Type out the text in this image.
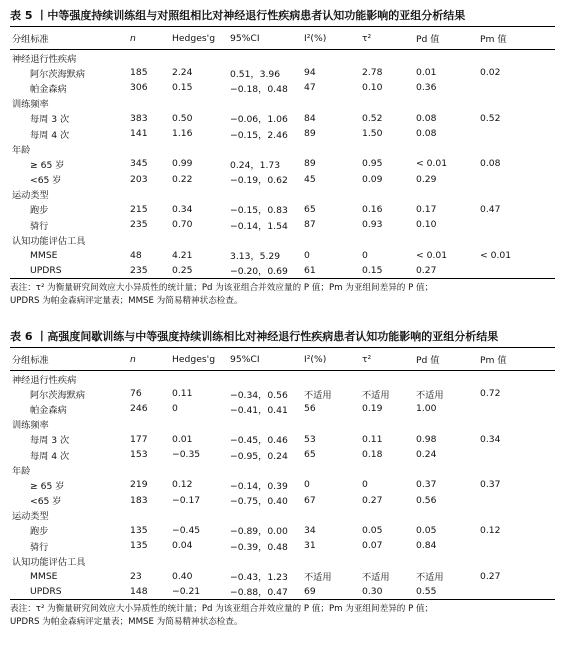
表 5 丨中等强度持续训练组与对照组相比对神经退行性疾病患者认知功能影响的亚组分析结果
分组标准	n	Hedges'g	95%CI	I²(%)	τ²	Pd 值	Pm 值
神经退行性疾病							
阿尔茨海默病	185	2.24	0.51，3.96	94	2.78	0.01	0.02
帕金森病	306	0.15	−0.18，0.48	47	0.10	0.36	
训练频率							
每周 3 次	383	0.50	−0.06，1.06	84	0.52	0.08	0.52
每周 4 次	141	1.16	−0.15，2.46	89	1.50	0.08	
年龄							
≥ 65 岁	345	0.99	0.24，1.73	89	0.95	< 0.01	0.08
<65 岁	203	0.22	−0.19，0.62	45	0.09	0.29	
运动类型							
跑步	215	0.34	−0.15，0.83	65	0.16	0.17	0.47
骑行	235	0.70	−0.14，1.54	87	0.93	0.10	
认知功能评估工具							
MMSE	48	4.21	3.13，5.29	0	0	< 0.01	< 0.01
UPDRS	235	0.25	−0.20，0.69	61	0.15	0.27	
表注：τ² 为衡量研究间效应大小异质性的统计量；Pd 为该亚组合并效应量的 P 值；Pm 为亚组间差异的 P 值；
UPDRS 为帕金森病评定量表；MMSE 为简易精神状态检查。
表 6 丨高强度间歇训练与中等强度持续训练相比对神经退行性疾病患者认知功能影响的亚组分析结果
分组标准	n	Hedges'g	95%CI	I²(%)	τ²	Pd 值	Pm 值
神经退行性疾病							
阿尔茨海默病	76	0.11	−0.34，0.56	不适用	不适用	不适用	0.72
帕金森病	246	0	−0.41，0.41	56	0.19	1.00	
训练频率							
每周 3 次	177	0.01	−0.45，0.46	53	0.11	0.98	0.34
每周 4 次	153	−0.35	−0.95，0.24	65	0.18	0.24	
年龄							
≥ 65 岁	219	0.12	−0.14，0.39	0	0	0.37	0.37
<65 岁	183	−0.17	−0.75，0.40	67	0.27	0.56	
运动类型							
跑步	135	−0.45	−0.89，0.00	34	0.05	0.05	0.12
骑行	135	0.04	−0.39，0.48	31	0.07	0.84	
认知功能评估工具							
MMSE	23	0.40	−0.43，1.23	不适用	不适用	不适用	0.27
UPDRS	148	−0.21	−0.88，0.47	69	0.30	0.55	
表注：τ² 为衡量研究间效应大小异质性的统计量；Pd 为该亚组合并效应量的 P 值；Pm 为亚组间差异的 P 值；
UPDRS 为帕金森病评定量表；MMSE 为简易精神状态检查。
